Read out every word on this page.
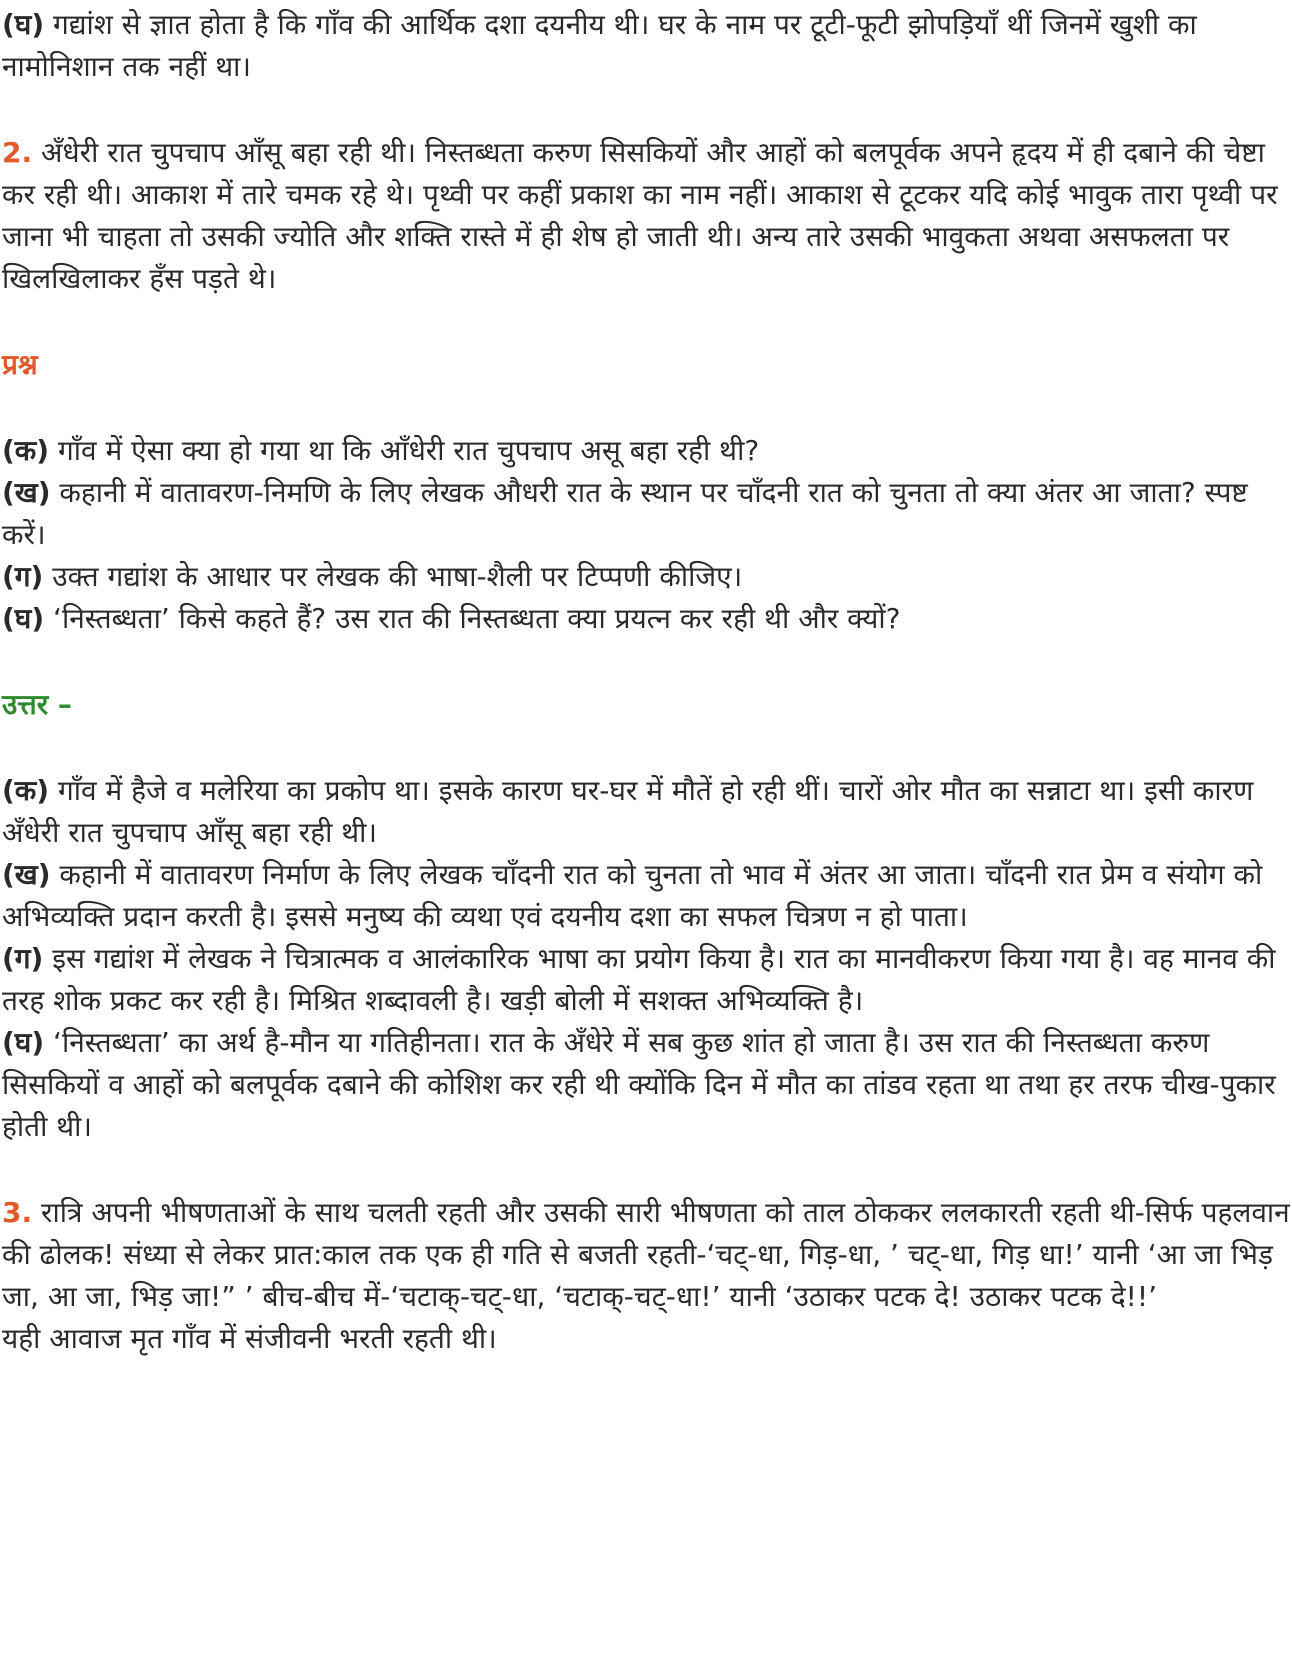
(घ) गद्यांश से ज्ञात होता है कि गाँव की आर्थिक दशा दयनीय थी। घर के नाम पर टूटी-फूटी झोपड़ियाँ थीं जिनमें खुशी का नामोनिशान तक नहीं था।

2. अँधेरी रात चुपचाप आँसू बहा रही थी। निस्तब्धता करुण सिसकियों और आहों को बलपूर्वक अपने हृदय में ही दबाने की चेष्टा कर रही थी। आकाश में तारे चमक रहे थे। पृथ्वी पर कहीं प्रकाश का नाम नहीं। आकाश से टूटकर यदि कोई भावुक तारा पृथ्वी पर जाना भी चाहता तो उसकी ज्योति और शक्ति रास्ते में ही शेष हो जाती थी। अन्य तारे उसकी भावुकता अथवा असफलता पर खिलखिलाकर हँस पड़ते थे।

प्रश्न

(क) गाँव में ऐसा क्या हो गया था कि आँधेरी रात चुपचाप असू बहा रही थी?

(ख) कहानी में वातावरण-निमणि के लिए लेखक औधरी रात के स्थान पर चाँदनी रात को चुनता तो क्या अंतर आ जाता? स्पष्ट करें।

(ग) उक्त गद्यांश के आधार पर लेखक की भाषा-शैली पर टिप्पणी कीजिए।

(घ) ‘निस्तब्धता’ किसे कहते हैं? उस रात की निस्तब्धता क्या प्रयत्न कर रही थी और क्यों?

उत्तर –

(क) गाँव में हैजे व मलेरिया का प्रकोप था। इसके कारण घर-घर में मौतें हो रही थीं। चारों ओर मौत का सन्नाटा था। इसी कारण अँधेरी रात चुपचाप आँसू बहा रही थी।

(ख) कहानी में वातावरण निर्माण के लिए लेखक चाँदनी रात को चुनता तो भाव में अंतर आ जाता। चाँदनी रात प्रेम व संयोग को अभिव्यक्ति प्रदान करती है। इससे मनुष्य की व्यथा एवं दयनीय दशा का सफल चित्रण न हो पाता।

(ग) इस गद्यांश में लेखक ने चित्रात्मक व आलंकारिक भाषा का प्रयोग किया है। रात का मानवीकरण किया गया है। वह मानव की तरह शोक प्रकट कर रही है। मिश्रित शब्दावली है। खड़ी बोली में सशक्त अभिव्यक्ति है।

(घ) ‘निस्तब्धता’ का अर्थ है-मौन या गतिहीनता। रात के अँधेरे में सब कुछ शांत हो जाता है। उस रात की निस्तब्धता करुण सिसकियों व आहों को बलपूर्वक दबाने की कोशिश कर रही थी क्योंकि दिन में मौत का तांडव रहता था तथा हर तरफ चीख-पुकार होती थी।

3. रात्रि अपनी भीषणताओं के साथ चलती रहती और उसकी सारी भीषणता को ताल ठोककर ललकारती रहती थी-सिर्फ पहलवान की ढोलक! संध्या से लेकर प्रात:काल तक एक ही गति से बजती रहती-‘चट्-धा, गिड़-धा, ’ चट्-धा, गिड़ धा!’ यानी ‘आ जा भिड़ जा, आ जा, भिड़ जा!” ’ बीच-बीच में-‘चटाक्-चट्-धा, ‘चटाक्-चट्-धा!’ यानी ‘उठाकर पटक दे! उठाकर पटक दे!!’

यही आवाज मृत गाँव में संजीवनी भरती रहती थी।
